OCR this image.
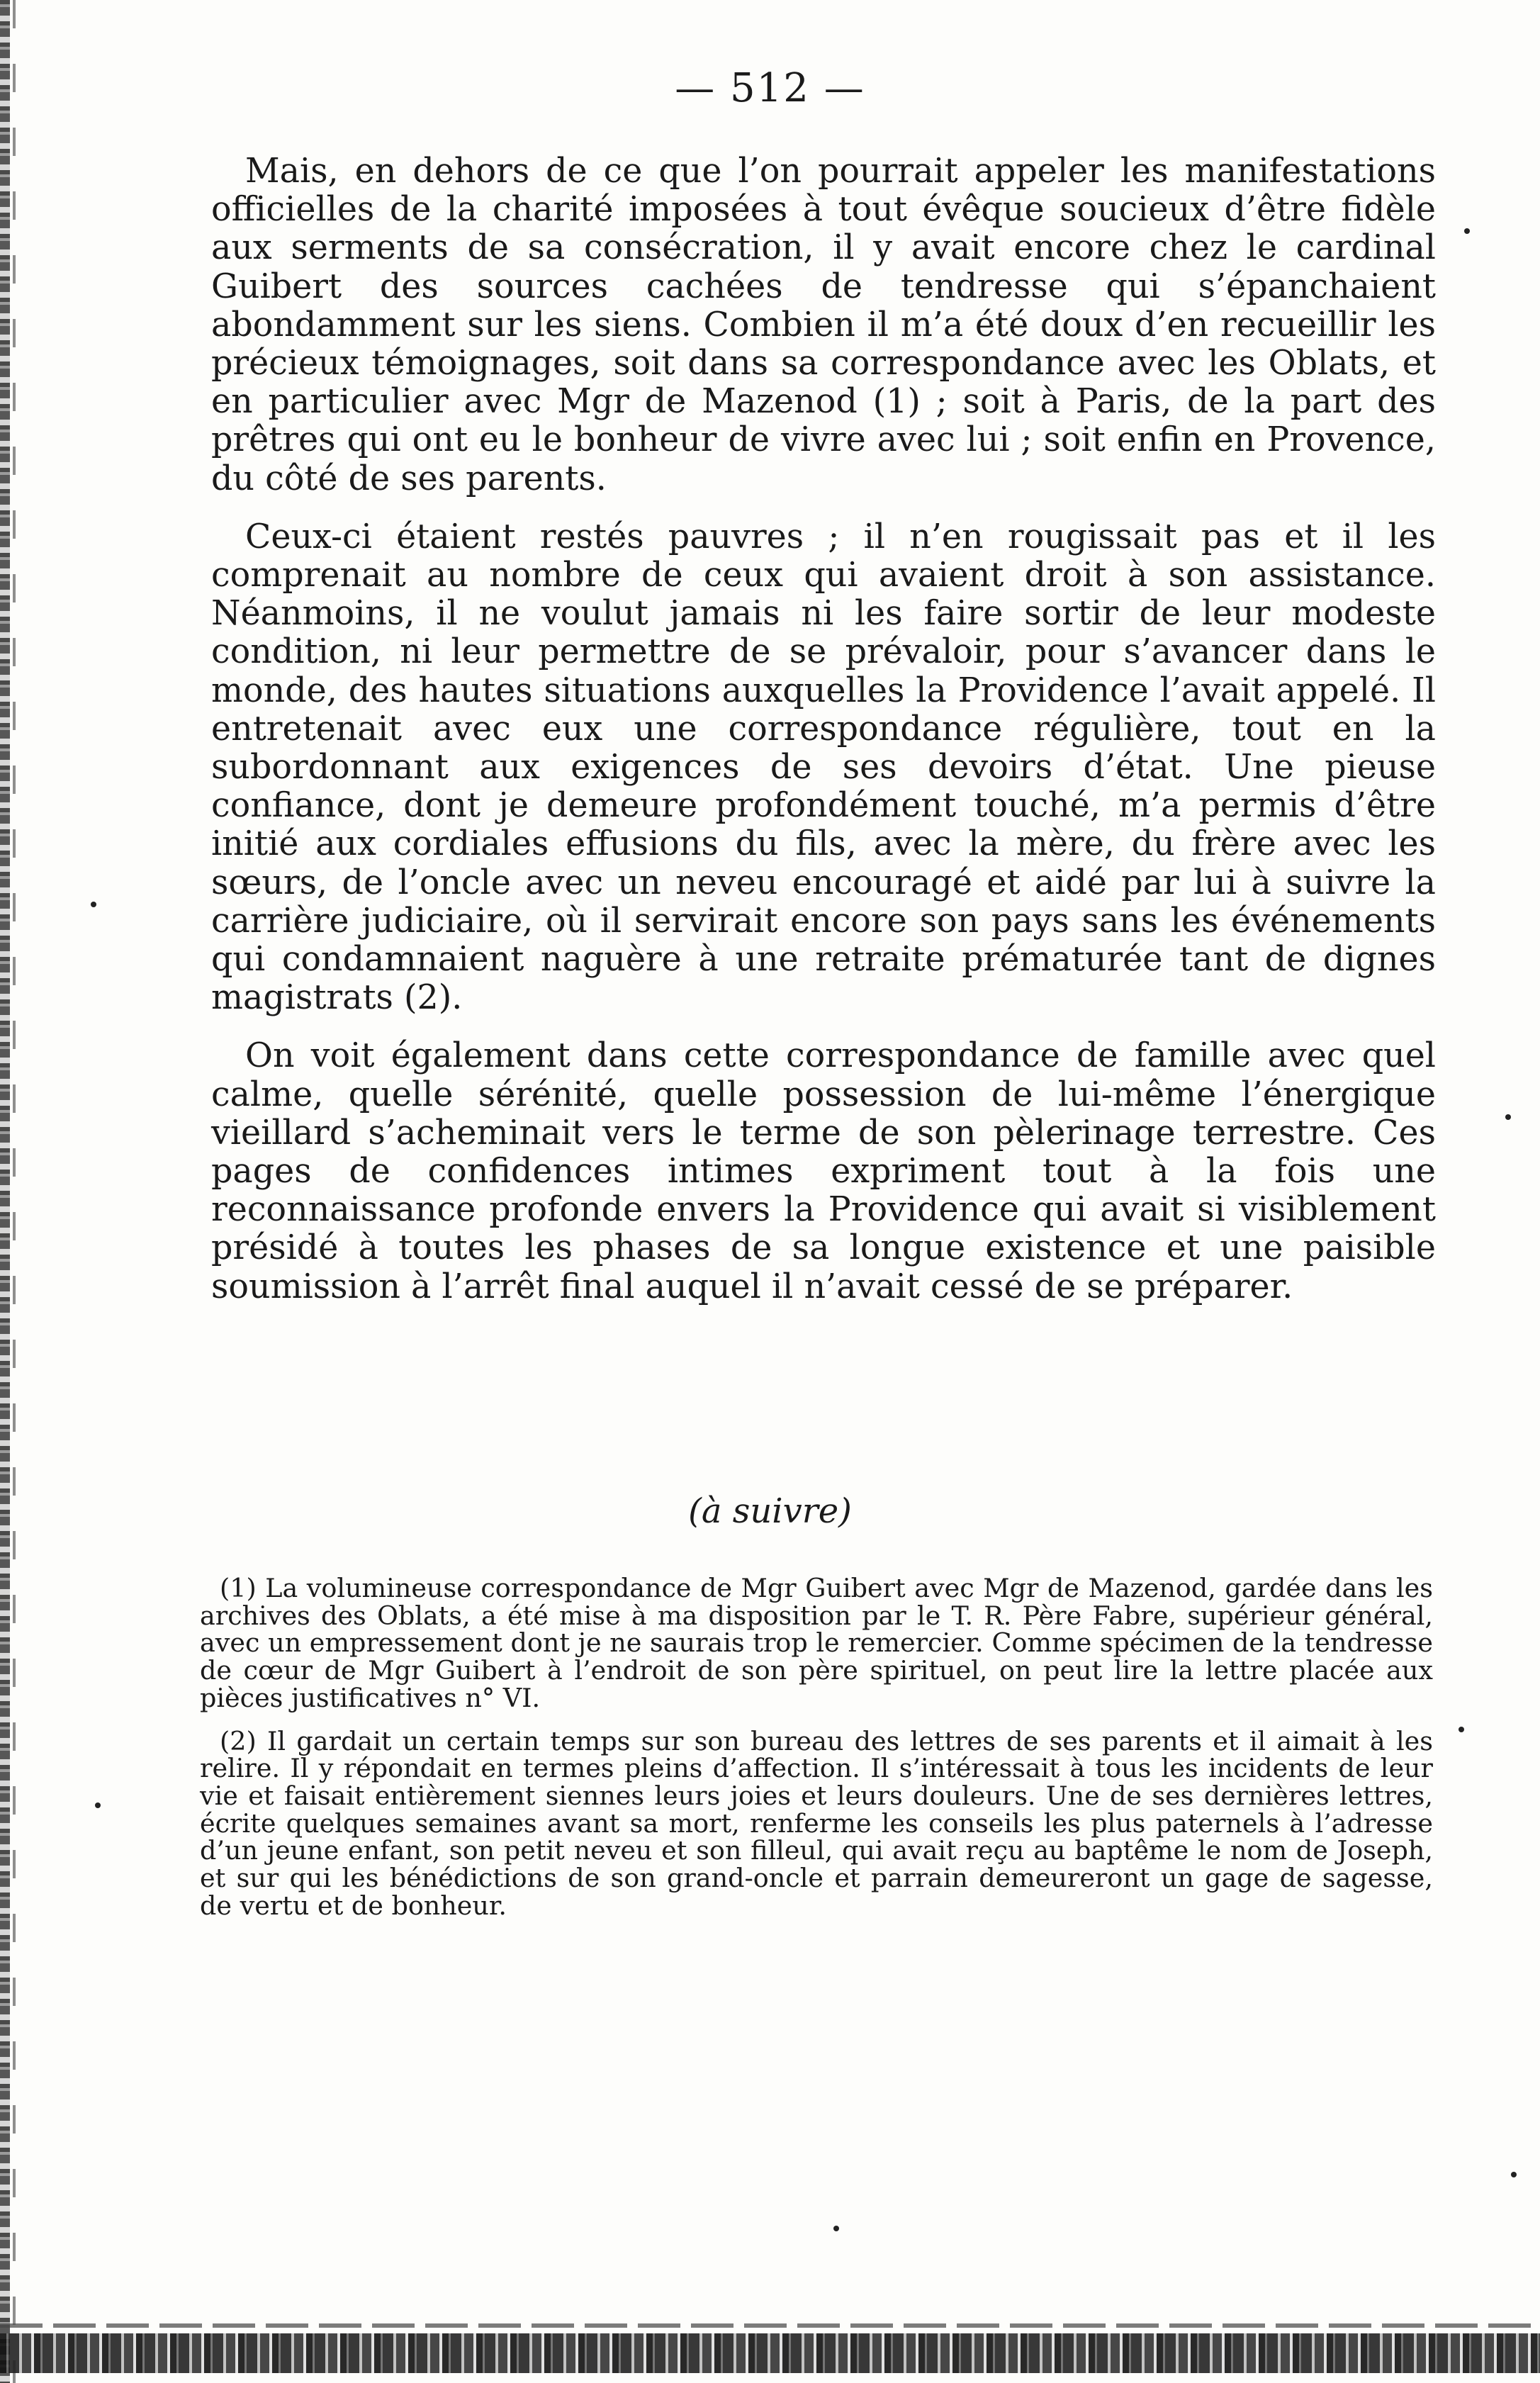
— 512 —

Mais, en dehors de ce que l’on pourrait appeler les manifestations officielles de la charité imposées à tout évêque soucieux d’être fidèle aux serments de sa consécration, il y avait encore chez le cardinal Guibert des sources cachées de tendresse qui s’épanchaient abondamment sur les siens. Combien il m’a été doux d’en recueillir les précieux témoignages, soit dans sa correspondance avec les Oblats, et en particulier avec Mgr de Mazenod (1) ; soit à Paris, de la part des prêtres qui ont eu le bonheur de vivre avec lui ; soit enfin en Provence, du côté de ses parents.

Ceux-ci étaient restés pauvres ; il n’en rougissait pas et il les comprenait au nombre de ceux qui avaient droit à son assistance. Néanmoins, il ne voulut jamais ni les faire sortir de leur modeste condition, ni leur permettre de se prévaloir, pour s’avancer dans le monde, des hautes situations auxquelles la Providence l’avait appelé. Il entretenait avec eux une correspondance régulière, tout en la subordonnant aux exigences de ses devoirs d’état. Une pieuse confiance, dont je demeure profondément touché, m’a permis d’être initié aux cordiales effusions du fils, avec la mère, du frère avec les sœurs, de l’oncle avec un neveu encouragé et aidé par lui à suivre la carrière judiciaire, où il servirait encore son pays sans les événements qui condamnaient naguère à une retraite prématurée tant de dignes magistrats (2).

On voit également dans cette correspondance de famille avec quel calme, quelle sérénité, quelle possession de lui-même l’énergique vieillard s’acheminait vers le terme de son pèlerinage terrestre. Ces pages de confidences intimes expriment tout à la fois une reconnaissance profonde envers la Providence qui avait si visiblement présidé à toutes les phases de sa longue existence et une paisible soumission à l’arrêt final auquel il n’avait cessé de se préparer.

(à suivre)

(1) La volumineuse correspondance de Mgr Guibert avec Mgr de Mazenod, gardée dans les archives des Oblats, a été mise à ma disposition par le T. R. Père Fabre, supérieur général, avec un empressement dont je ne saurais trop le remercier. Comme spécimen de la tendresse de cœur de Mgr Guibert à l’endroit de son père spirituel, on peut lire la lettre placée aux pièces justificatives n° VI.

(2) Il gardait un certain temps sur son bureau des lettres de ses parents et il aimait à les relire. Il y répondait en termes pleins d’affection. Il s’intéressait à tous les incidents de leur vie et faisait entièrement siennes leurs joies et leurs douleurs. Une de ses dernières lettres, écrite quelques semaines avant sa mort, renferme les conseils les plus paternels à l’adresse d’un jeune enfant, son petit neveu et son filleul, qui avait reçu au baptême le nom de Joseph, et sur qui les bénédictions de son grand-oncle et parrain demeureront un gage de sagesse, de vertu et de bonheur.
